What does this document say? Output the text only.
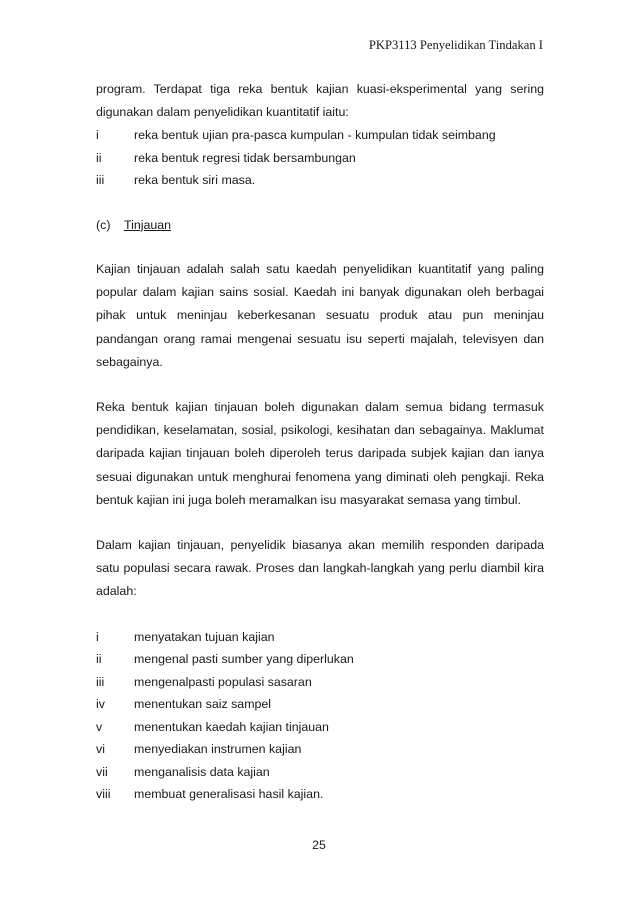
PKP3113 Penyelidikan Tindakan I

program. Terdapat tiga reka bentuk kajian kuasi-eksperimental yang sering digunakan dalam penyelidikan kuantitatif iaitu:

i	reka bentuk ujian pra-pasca kumpulan - kumpulan tidak seimbang
ii	reka bentuk regresi tidak bersambungan
iii	reka bentuk siri masa.
(c)	Tinjauan

Kajian tinjauan adalah salah satu kaedah penyelidikan kuantitatif yang paling popular dalam kajian sains sosial. Kaedah ini banyak digunakan oleh berbagai pihak untuk meninjau keberkesanan sesuatu produk atau pun meninjau pandangan orang ramai mengenai sesuatu isu seperti majalah, televisyen dan sebagainya.

Reka bentuk kajian tinjauan boleh digunakan dalam semua bidang termasuk pendidikan, keselamatan, sosial, psikologi, kesihatan dan sebagainya. Maklumat daripada kajian tinjauan boleh diperoleh terus daripada subjek kajian dan ianya sesuai digunakan untuk menghurai fenomena yang diminati oleh pengkaji. Reka bentuk kajian ini juga boleh meramalkan isu masyarakat semasa yang timbul.

Dalam kajian tinjauan, penyelidik biasanya akan memilih responden daripada satu populasi secara rawak. Proses dan langkah-langkah yang perlu diambil kira adalah:

i	menyatakan tujuan kajian
ii	mengenal pasti sumber yang diperlukan
iii	mengenalpasti populasi sasaran
iv	menentukan saiz sampel
v	menentukan kaedah kajian tinjauan
vi	menyediakan instrumen kajian
vii	menganalisis data kajian
viii	membuat generalisasi hasil kajian.
25
